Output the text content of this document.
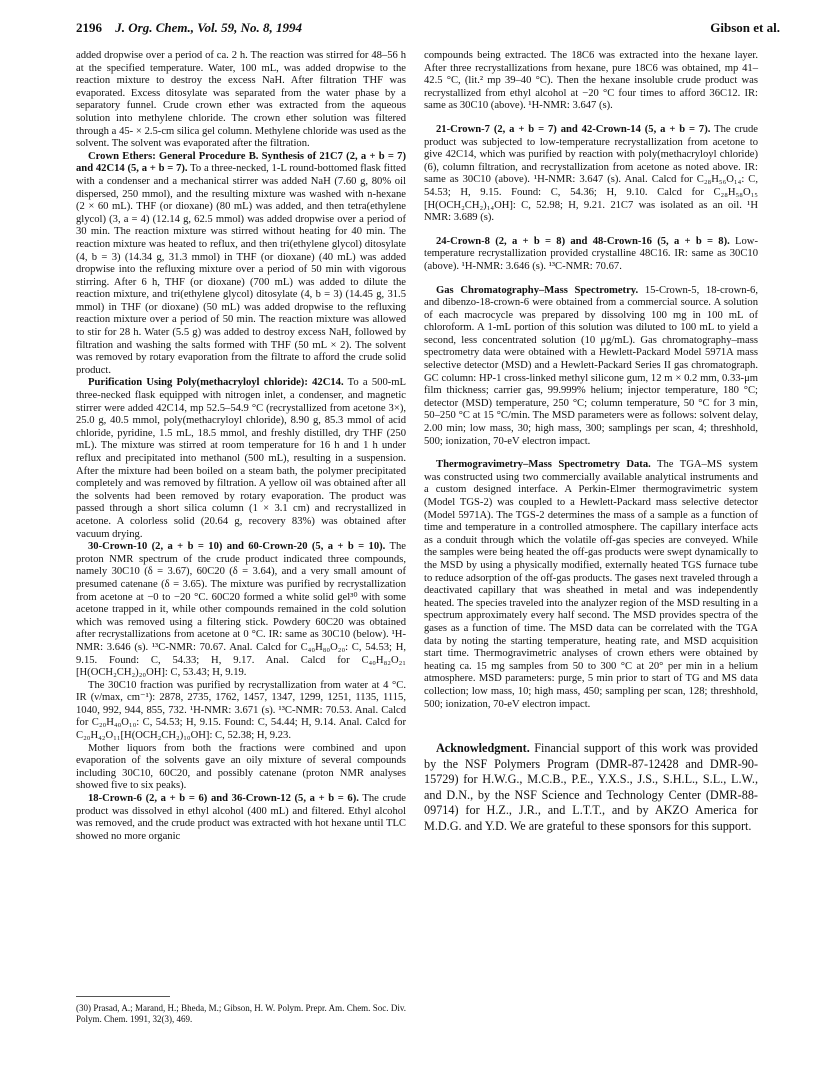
2196 J. Org. Chem., Vol. 59, No. 8, 1994	Gibson et al.

added dropwise over a period of ca. 2 h. The reaction was stirred for 48–56 h at the specified temperature. Water, 100 mL, was added dropwise to the reaction mixture to destroy the excess NaH. After filtration THF was evaporated. Excess ditosylate was separated from the water phase by a separatory funnel. Crude crown ether was extracted from the aqueous solution into methylene chloride. The crown ether solution was filtered through a 45- × 2.5-cm silica gel column. Methylene chloride was used as the solvent. The solvent was evaporated after the filtration.

Crown Ethers: General Procedure B. Synthesis of 21C7 (2, a + b = 7) and 42C14 (5, a + b = 7). To a three-necked, 1-L round-bottomed flask fitted with a condenser and a mechanical stirrer was added NaH (7.60 g, 80% oil dispersed, 250 mmol), and the resulting mixture was washed with n-hexane (2 × 60 mL). THF (or dioxane) (80 mL) was added, and then tetra(ethylene glycol) (3, a = 4) (12.14 g, 62.5 mmol) was added dropwise over a period of 30 min. The reaction mixture was stirred without heating for 40 min. The reaction mixture was heated to reflux, and then tri(ethylene glycol) ditosylate (4, b = 3) (14.34 g, 31.3 mmol) in THF (or dioxane) (40 mL) was added dropwise into the refluxing mixture over a period of 50 min with vigorous stirring. After 6 h, THF (or dioxane) (700 mL) was added to dilute the reaction mixture, and tri(ethylene glycol) ditosylate (4, b = 3) (14.45 g, 31.5 mmol) in THF (or dioxane) (50 mL) was added dropwise to the refluxing reaction mixture over a period of 50 min. The reaction mixture was allowed to stir for 28 h. Water (5.5 g) was added to destroy excess NaH, followed by filtration and washing the salts formed with THF (50 mL × 2). The solvent was removed by rotary evaporation from the filtrate to afford the crude solid product.

Purification Using Poly(methacryloyl chloride): 42C14. To a 500-mL three-necked flask equipped with nitrogen inlet, a condenser, and magnetic stirrer were added 42C14, mp 52.5–54.9 °C (recrystallized from acetone 3×), 25.0 g, 40.5 mmol, poly(methacryloyl chloride), 8.90 g, 85.3 mmol of acid chloride, pyridine, 1.5 mL, 18.5 mmol, and freshly distilled, dry THF (250 mL). The mixture was stirred at room temperature for 16 h and 1 h under reflux and precipitated into methanol (500 mL), resulting in a suspension. After the mixture had been boiled on a steam bath, the polymer precipitated completely and was removed by filtration. A yellow oil was obtained after all the solvents had been removed by rotary evaporation. The product was passed through a short silica column (1 × 3.1 cm) and recrystallized in acetone. A colorless solid (20.64 g, recovery 83%) was obtained after vacuum drying.

30-Crown-10 (2, a + b = 10) and 60-Crown-20 (5, a + b = 10). The proton NMR spectrum of the crude product indicated three compounds, namely 30C10 (δ = 3.67), 60C20 (δ = 3.64), and a very small amount of presumed catenane (δ = 3.65). The mixture was purified by recrystallization from acetone at −0 to −20 °C. 60C20 formed a white solid gel³⁰ with some acetone trapped in it, while other compounds remained in the cold solution which was removed using a filtering stick. Powdery 60C20 was obtained after recrystallizations from acetone at 0 °C. IR: same as 30C10 (below). ¹H-NMR: 3.646 (s). ¹³C-NMR: 70.67. Anal. Calcd for C₄₀H₈₀O₂₀: C, 54.53; H, 9.15. Found: C, 54.33; H, 9.17. Anal. Calcd for C₄₀H₈₂O₂₁ [H(OCH₂CH₂)₂₀OH]: C, 53.43; H, 9.19.

The 30C10 fraction was purified by recrystallization from water at 4 °C. IR (ν/max, cm⁻¹): 2878, 2735, 1762, 1457, 1347, 1299, 1251, 1135, 1115, 1040, 992, 944, 855, 732. ¹H-NMR: 3.671 (s). ¹³C-NMR: 70.53. Anal. Calcd for C₂₀H₄₀O₁₀: C, 54.53; H, 9.15. Found: C, 54.44; H, 9.14. Anal. Calcd for C₂₀H₄₂O₁₁[H(OCH₂CH₂)₁₀OH]: C, 52.38; H, 9.23.

Mother liquors from both the fractions were combined and upon evaporation of the solvents gave an oily mixture of several compounds including 30C10, 60C20, and possibly catenane (proton NMR analyses showed five to six peaks).

18-Crown-6 (2, a + b = 6) and 36-Crown-12 (5, a + b = 6). The crude product was dissolved in ethyl alcohol (400 mL) and filtered. Ethyl alcohol was removed, and the crude product was extracted with hot hexane until TLC showed no more organic

(30) Prasad, A.; Marand, H.; Bheda, M.; Gibson, H. W. Polym. Prepr. Am. Chem. Soc. Div. Polym. Chem. 1991, 32(3), 469.

compounds being extracted. The 18C6 was extracted into the hexane layer. After three recrystallizations from hexane, pure 18C6 was obtained, mp 41–42.5 °C, (lit.² mp 39–40 °C). Then the hexane insoluble crude product was recrystallized from ethyl alcohol at −20 °C four times to afford 36C12. IR: same as 30C10 (above). ¹H-NMR: 3.647 (s).

21-Crown-7 (2, a + b = 7) and 42-Crown-14 (5, a + b = 7). The crude product was subjected to low-temperature recrystallization from acetone to give 42C14, which was purified by reaction with poly(methacryloyl chloride) (6), column filtration, and recrystallization from acetone as noted above. IR: same as 30C10 (above). ¹H-NMR: 3.647 (s). Anal. Calcd for C₂₈H₅₆O₁₄: C, 54.53; H, 9.15. Found: C, 54.36; H, 9.10. Calcd for C₂₈H₅₈O₁₅ [H(OCH₂CH₂)₁₄OH]: C, 52.98; H, 9.21. 21C7 was isolated as an oil. ¹H NMR: 3.689 (s).

24-Crown-8 (2, a + b = 8) and 48-Crown-16 (5, a + b = 8). Low-temperature recrystallization provided crystalline 48C16. IR: same as 30C10 (above). ¹H-NMR: 3.646 (s). ¹³C-NMR: 70.67.

Gas Chromatography–Mass Spectrometry. 15-Crown-5, 18-crown-6, and dibenzo-18-crown-6 were obtained from a commercial source. A solution of each macrocycle was prepared by dissolving 100 mg in 100 mL of chloroform. A 1-mL portion of this solution was diluted to 100 mL to yield a second, less concentrated solution (10 μg/mL). Gas chromatography–mass spectrometry data were obtained with a Hewlett-Packard Model 5971A mass selective detector (MSD) and a Hewlett-Packard Series II gas chromatograph. GC column: HP-1 cross-linked methyl silicone gum, 12 m × 0.2 mm, 0.33-μm film thickness; carrier gas, 99.999% helium; injector temperature, 180 °C; detector (MSD) temperature, 250 °C; column temperature, 50 °C for 3 min, 50–250 °C at 15 °C/min. The MSD parameters were as follows: solvent delay, 2.00 min; low mass, 30; high mass, 300; samplings per scan, 4; threshhold, 500; ionization, 70-eV electron impact.

Thermogravimetry–Mass Spectrometry Data. The TGA–MS system was constructed using two commercially available analytical instruments and a custom designed interface. A Perkin-Elmer thermogravimetric system (Model TGS-2) was coupled to a Hewlett-Packard mass selective detector (Model 5971A). The TGS-2 determines the mass of a sample as a function of time and temperature in a controlled atmosphere. The capillary interface acts as a conduit through which the volatile off-gas species are conveyed. While the samples were being heated the off-gas products were swept dynamically to the MSD by using a physically modified, externally heated TGS furnace tube to reduce adsorption of the off-gas products. The gases next traveled through a deactivated capillary that was sheathed in metal and was independently heated. The species traveled into the analyzer region of the MSD resulting in a spectrum approximately every half second. The MSD provides spectra of the gases as a function of time. The MSD data can be correlated with the TGA data by noting the starting temperature, heating rate, and MSD acquisition start time. Thermogravimetric analyses of crown ethers were obtained by heating ca. 15 mg samples from 50 to 300 °C at 20° per min in a helium atmosphere. MSD parameters: purge, 5 min prior to start of TG and MS data collection; low mass, 10; high mass, 450; sampling per scan, 128; threshhold, 500; ionization, 70-eV electron impact.

Acknowledgment. Financial support of this work was provided by the NSF Polymers Program (DMR-87-12428 and DMR-90-15729) for H.W.G., M.C.B., P.E., Y.X.S., J.S., S.H.L., S.L., L.W., and D.N., by the NSF Science and Technology Center (DMR-88-09714) for H.Z., J.R., and L.T.T., and by AKZO America for M.D.G. and Y.D. We are grateful to these sponsors for this support.
